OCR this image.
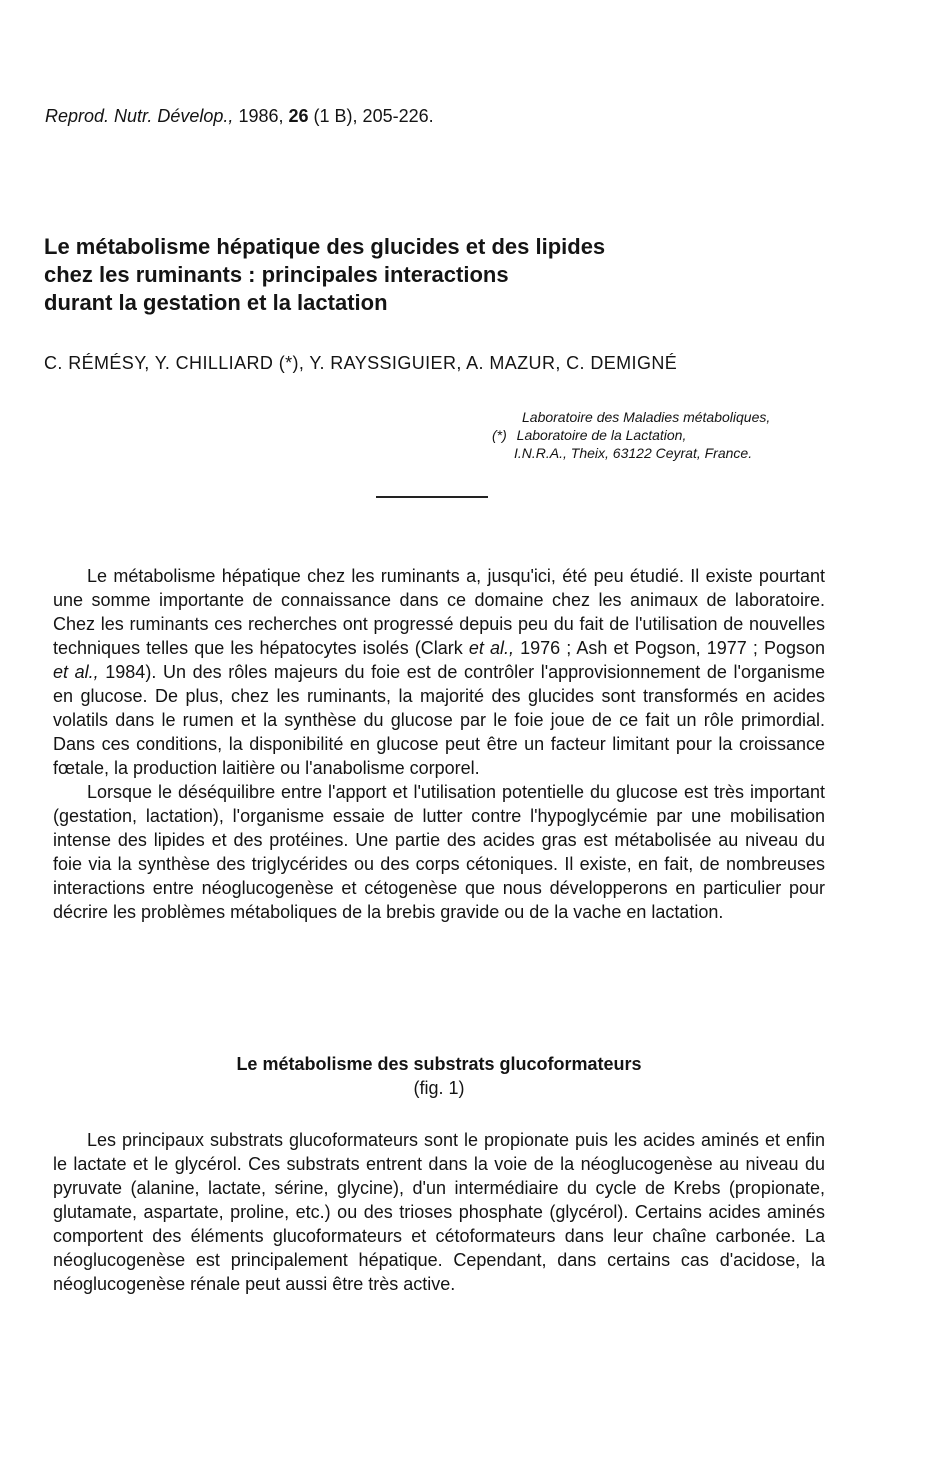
Reprod. Nutr. Dévelop., 1986, 26 (1 B), 205-226.
Le métabolisme hépatique des glucides et des lipides
chez les ruminants : principales interactions
durant la gestation et la lactation
C. RÉMÉSY, Y. CHILLIARD (*), Y. RAYSSIGUIER, A. MAZUR, C. DEMIGNÉ
Laboratoire des Maladies métaboliques,
(*) Laboratoire de la Lactation,
I.N.R.A., Theix, 63122 Ceyrat, France.

Le métabolisme hépatique chez les ruminants a, jusqu'ici, été peu étudié. Il existe pourtant une somme importante de connaissance dans ce domaine chez les animaux de laboratoire. Chez les ruminants ces recherches ont progressé depuis peu du fait de l'utilisation de nouvelles techniques telles que les hépatocytes isolés (Clark et al., 1976 ; Ash et Pogson, 1977 ; Pogson et al., 1984). Un des rôles majeurs du foie est de contrôler l'approvisionnement de l'organisme en glucose. De plus, chez les ruminants, la majorité des glucides sont transformés en acides volatils dans le rumen et la synthèse du glucose par le foie joue de ce fait un rôle primordial. Dans ces conditions, la disponibilité en glucose peut être un facteur limitant pour la croissance fœtale, la production laitière ou l'anabolisme corporel.

Lorsque le déséquilibre entre l'apport et l'utilisation potentielle du glucose est très important (gestation, lactation), l'organisme essaie de lutter contre l'hypoglycémie par une mobilisation intense des lipides et des protéines. Une partie des acides gras est métabolisée au niveau du foie via la synthèse des triglycérides ou des corps cétoniques. Il existe, en fait, de nombreuses interactions entre néoglucogenèse et cétogenèse que nous développerons en particulier pour décrire les problèmes métaboliques de la brebis gravide ou de la vache en lactation.

Le métabolisme des substrats glucoformateurs
(fig. 1)

Les principaux substrats glucoformateurs sont le propionate puis les acides aminés et enfin le lactate et le glycérol. Ces substrats entrent dans la voie de la néoglucogenèse au niveau du pyruvate (alanine, lactate, sérine, glycine), d'un intermédiaire du cycle de Krebs (propionate, glutamate, aspartate, proline, etc.) ou des trioses phosphate (glycérol). Certains acides aminés comportent des éléments glucoformateurs et cétoformateurs dans leur chaîne carbonée. La néoglucogenèse est principalement hépatique. Cependant, dans certains cas d'acidose, la néoglucogenèse rénale peut aussi être très active.
